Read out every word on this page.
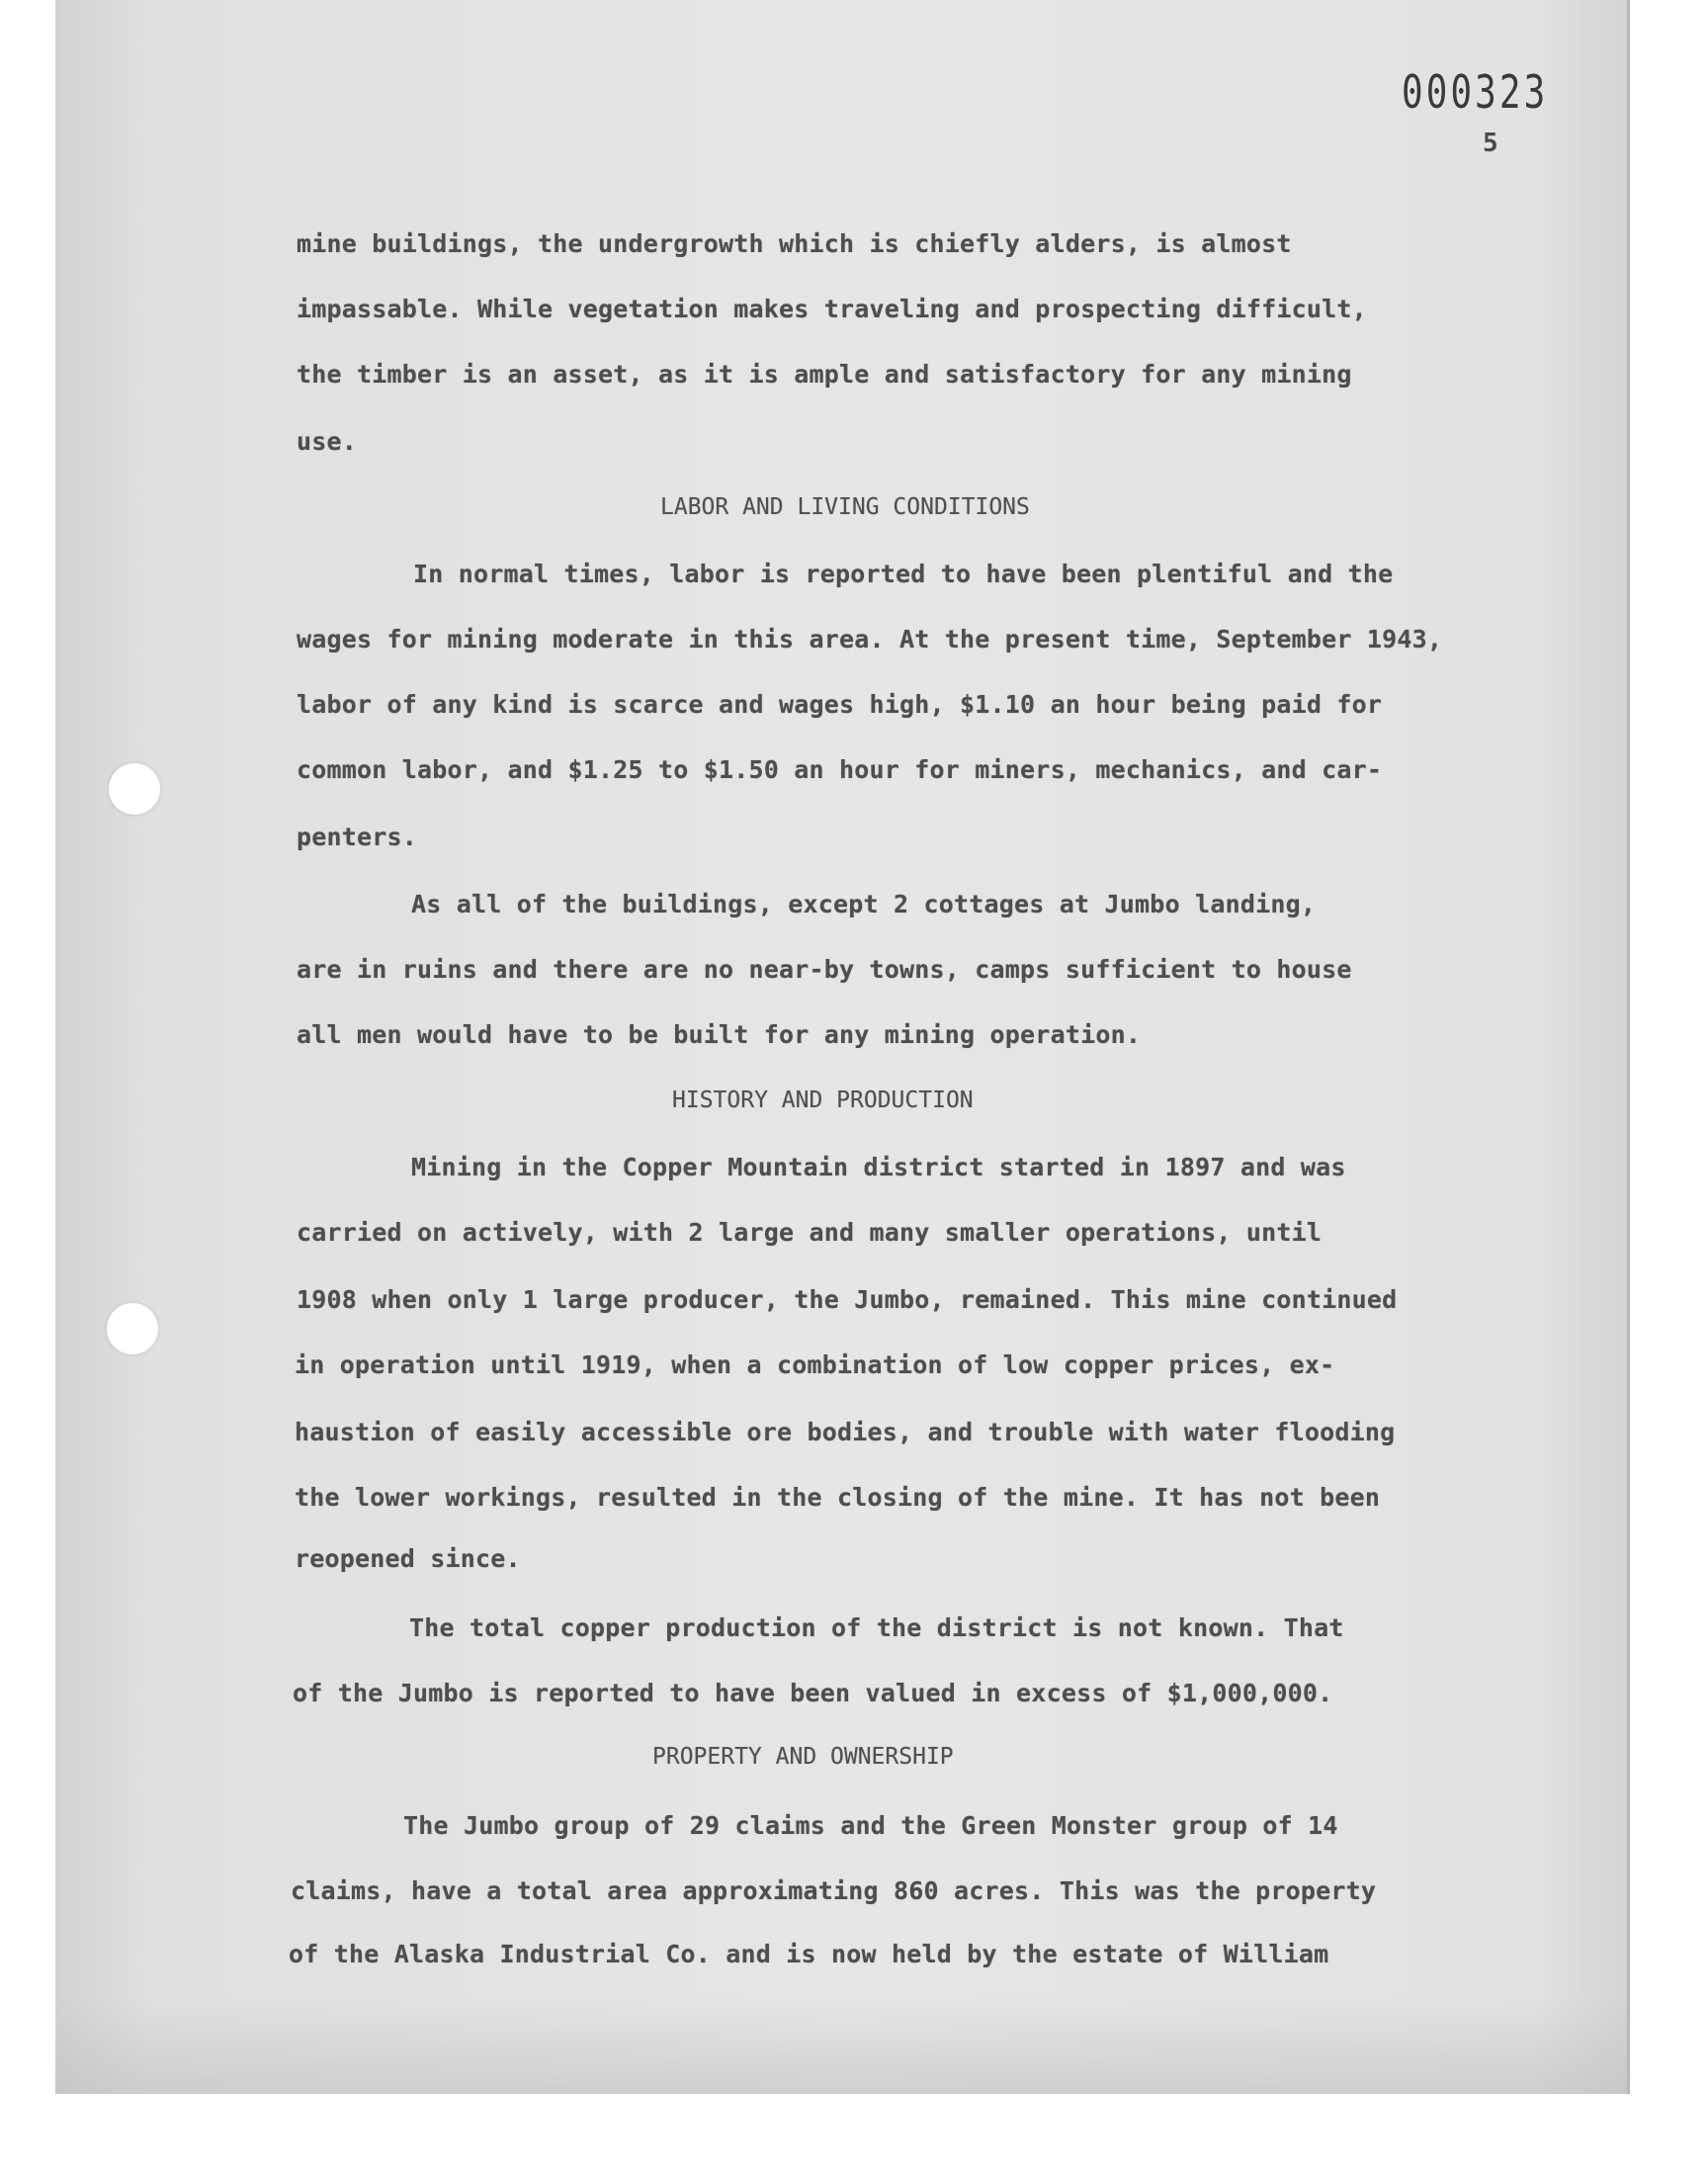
000323
5
mine buildings, the undergrowth which is chiefly alders, is almost
impassable. While vegetation makes traveling and prospecting difficult,
the timber is an asset, as it is ample and satisfactory for any mining
use.
LABOR AND LIVING CONDITIONS
In normal times, labor is reported to have been plentiful and the
wages for mining moderate in this area. At the present time, September 1943,
labor of any kind is scarce and wages high, $1.10 an hour being paid for
common labor, and $1.25 to $1.50 an hour for miners, mechanics, and car-
penters.
As all of the buildings, except 2 cottages at Jumbo landing,
are in ruins and there are no near-by towns, camps sufficient to house
all men would have to be built for any mining operation.
HISTORY AND PRODUCTION
Mining in the Copper Mountain district started in 1897 and was
carried on actively, with 2 large and many smaller operations, until
1908 when only 1 large producer, the Jumbo, remained. This mine continued
in operation until 1919, when a combination of low copper prices, ex-
haustion of easily accessible ore bodies, and trouble with water flooding
the lower workings, resulted in the closing of the mine. It has not been
reopened since.
The total copper production of the district is not known. That
of the Jumbo is reported to have been valued in excess of $1,000,000.
PROPERTY AND OWNERSHIP
The Jumbo group of 29 claims and the Green Monster group of 14
claims, have a total area approximating 860 acres. This was the property
of the Alaska Industrial Co. and is now held by the estate of William
